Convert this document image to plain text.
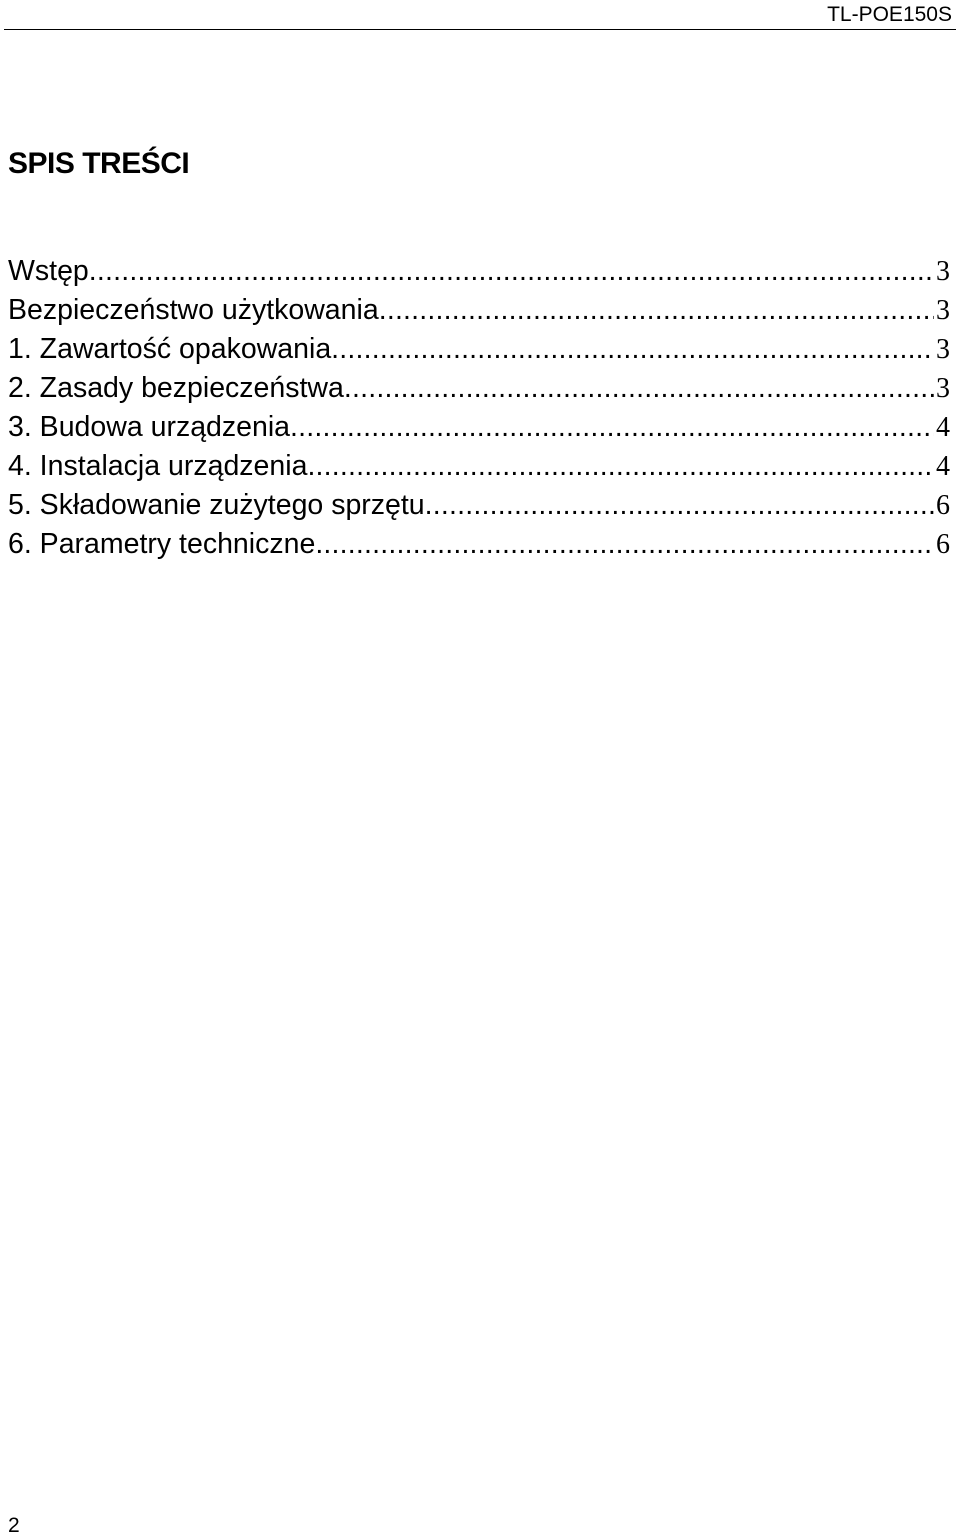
TL-POE150S
SPIS TREŚCI
Wstęp .....	3
Bezpieczeństwo użytkowania .....	3
1. Zawartość opakowania .....	3
2. Zasady bezpieczeństwa .....	3
3. Budowa urządzenia .....	4
4. Instalacja urządzenia .....	4
5. Składowanie zużytego sprzętu .....	6
6. Parametry techniczne .....	6
2
